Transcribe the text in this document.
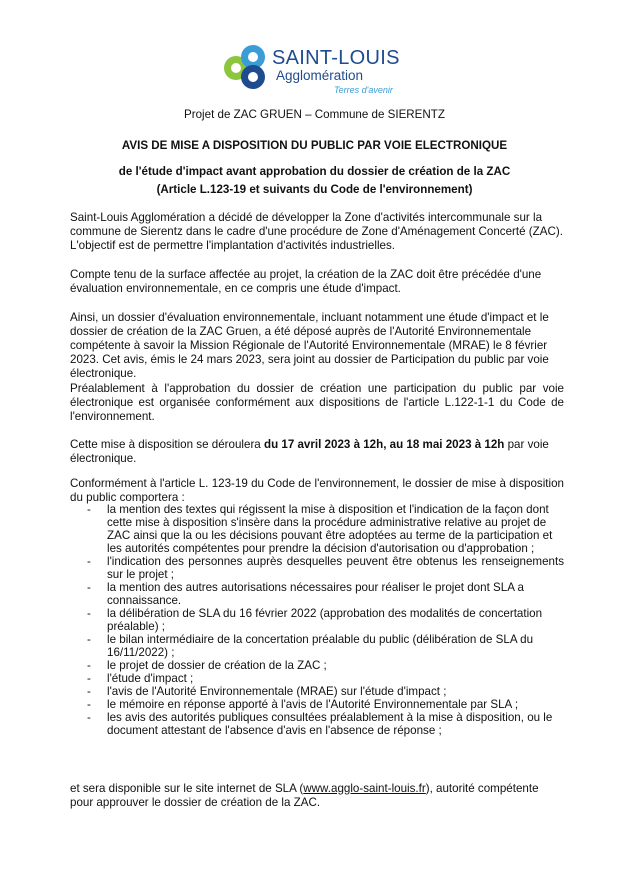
SAINT-LOUIS
Agglomération
Terres d'avenir
Projet de ZAC GRUEN – Commune de SIERENTZ
AVIS DE MISE A DISPOSITION DU PUBLIC PAR VOIE ELECTRONIQUE
de l'étude d'impact avant approbation du dossier de création de la ZAC
(Article L.123-19 et suivants du Code de l'environnement)

Saint-Louis Agglomération a décidé de développer la Zone d'activités intercommunale sur la commune de Sierentz dans le cadre d'une procédure de Zone d'Aménagement Concerté (ZAC). L'objectif est de permettre l'implantation d'activités industrielles.

Compte tenu de la surface affectée au projet, la création de la ZAC doit être précédée d'une évaluation environnementale, en ce compris une étude d'impact.

Ainsi, un dossier d'évaluation environnementale, incluant notamment une étude d'impact et le dossier de création de la ZAC Gruen, a été déposé auprès de l'Autorité Environnementale compétente à savoir la Mission Régionale de l'Autorité Environnementale (MRAE) le 8 février 2023. Cet avis, émis le 24 mars 2023, sera joint au dossier de Participation du public par voie électronique.

Préalablement à l'approbation du dossier de création une participation du public par voie électronique est organisée conformément aux dispositions de l'article L.122-1-1 du Code de l'environnement.

Cette mise à disposition se déroulera du 17 avril 2023 à 12h, au 18 mai 2023 à 12h par voie électronique.

Conformément à l'article L. 123-19 du Code de l'environnement, le dossier de mise à disposition du public comportera :

- la mention des textes qui régissent la mise à disposition et l'indication de la façon dont cette mise à disposition s'insère dans la procédure administrative relative au projet de ZAC ainsi que la ou les décisions pouvant être adoptées au terme de la participation et les autorités compétentes pour prendre la décision d'autorisation ou d'approbation ;
- l'indication des personnes auprès desquelles peuvent être obtenus les renseignements sur le projet ;
- la mention des autres autorisations nécessaires pour réaliser le projet dont SLA a connaissance.
- la délibération de SLA du 16 février 2022 (approbation des modalités de concertation préalable) ;
- le bilan intermédiaire de la concertation préalable du public (délibération de SLA du 16/11/2022) ;
- le projet de dossier de création de la ZAC ;
- l'étude d'impact ;
- l'avis de l'Autorité Environnementale (MRAE) sur l'étude d'impact ;
- le mémoire en réponse apporté à l'avis de l'Autorité Environnementale par SLA ;
- les avis des autorités publiques consultées préalablement à la mise à disposition, ou le document attestant de l'absence d'avis en l'absence de réponse ;

et sera disponible sur le site internet de SLA (www.agglo-saint-louis.fr), autorité compétente pour approuver le dossier de création de la ZAC.
